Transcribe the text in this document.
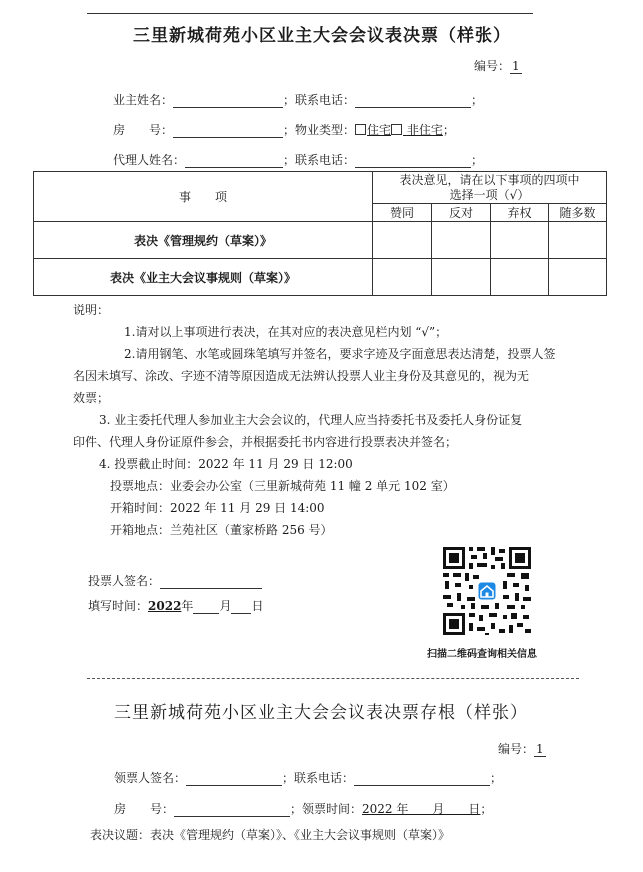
三里新城荷苑小区业主大会会议表决票（样张）
编号： 1
业主姓名：	；联系电话：	；
房　　号：	；物业类型： 住宅 非住宅；
代理人姓名：	；联系电话：	；
事　　项	表决意见，请在以下事项的四项中
选择一项（√）			

	赞同	反对	弃权	随多数
表决《管理规约（草案）》				
表决《业主大会议事规则（草案）》				
说明：
1.请对以上事项进行表决，在其对应的表决意见栏内划 “√”；
2.请用钢笔、水笔或圆珠笔填写并签名，要求字迹及字面意思表达清楚，投票人签
名因未填写、涂改、字迹不清等原因造成无法辨认投票人业主身份及其意见的，视为无
效票；
3. 业主委托代理人参加业主大会会议的，代理人应当持委托书及委托人身份证复
印件、代理人身份证原件参会，并根据委托书内容进行投票表决并签名；
4. 投票截止时间：2022 年 11 月 29 日 12:00
投票地点：业委会办公室（三里新城荷苑 11 幢 2 单元 102 室）
开箱时间：2022 年 11 月 29 日 14:00
开箱地点：兰苑社区（董家桥路 256 号）
投票人签名：
填写时间：2022年 月 日
扫描二维码查询相关信息
三里新城荷苑小区业主大会会议表决票存根（样张）
编号： 1
领票人签名：	；联系电话：	；
房　　号：	；领票时间：2022 年　　月　　日；
表决议题：表决《管理规约（草案）》、《业主大会议事规则（草案）》
